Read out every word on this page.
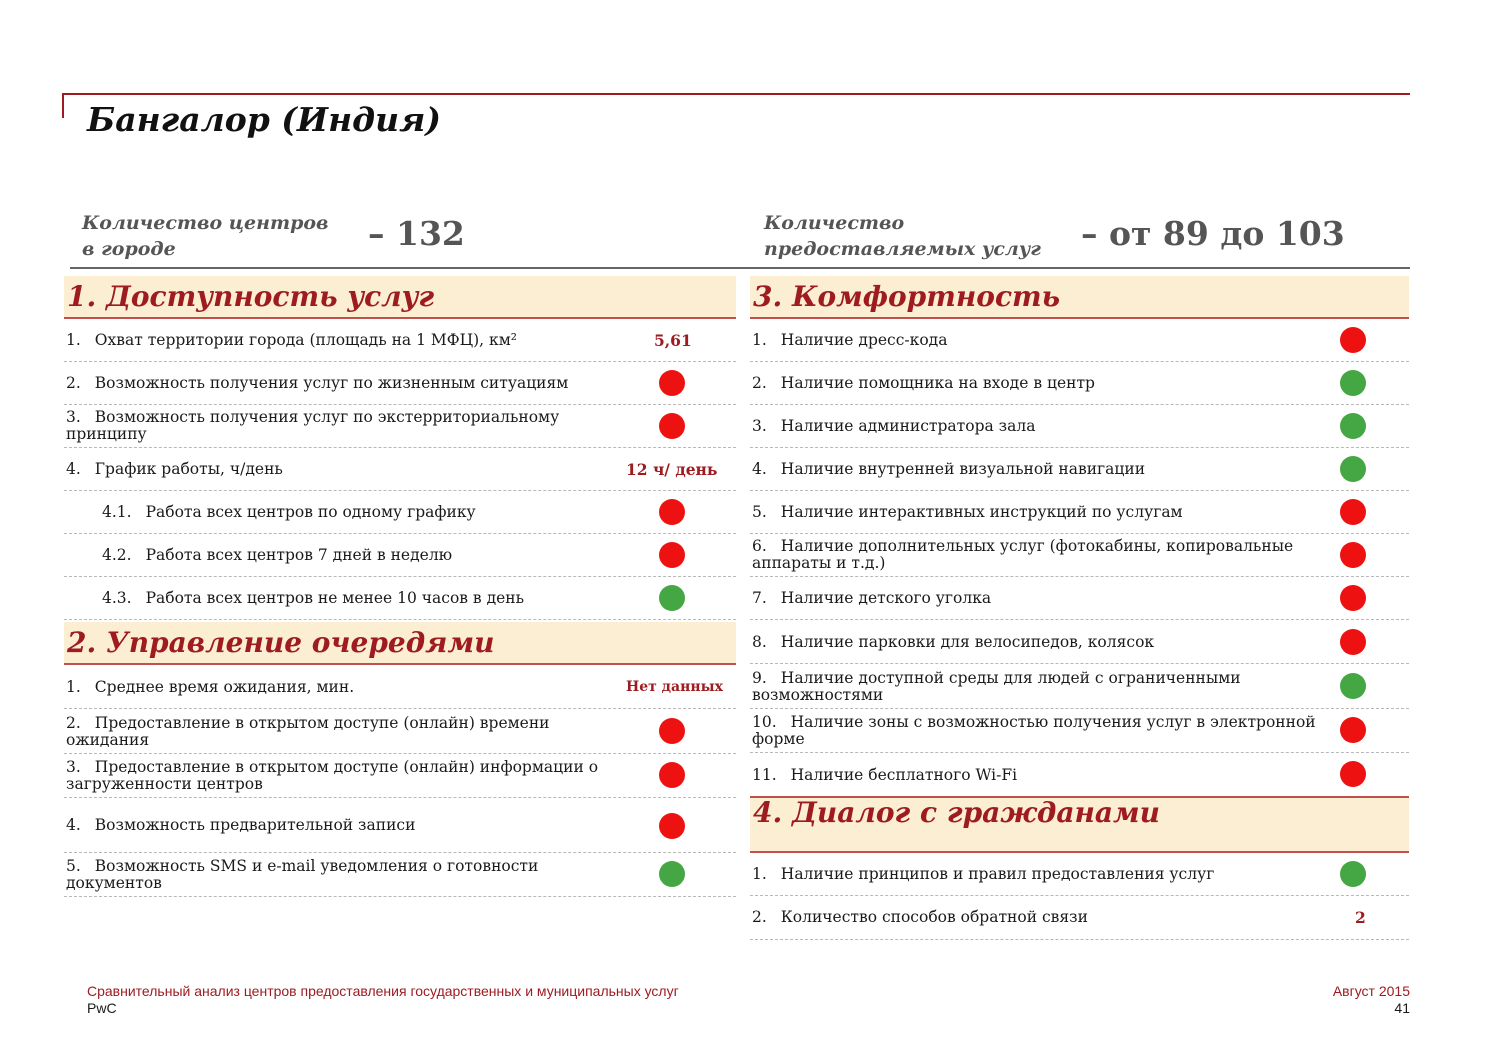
Бангалор (Индия)
Количество центров
в городе	– 132	Количество
предоставляемых услуг – от 89 до 103
1. Доступность услуг
1. Охват территории города (площадь на 1 МФЦ), км²	5,61
2. Возможность получения услуг по жизненным ситуациям
3. Возможность получения услуг по экстерриториальному принципу
4. График работы, ч/день	12 ч/ день
4.1. Работа всех центров по одному графику
4.2. Работа всех центров 7 дней в неделю
4.3. Работа всех центров не менее 10 часов в день
2. Управление очередями
1. Среднее время ожидания, мин.	Нет данных
2. Предоставление в открытом доступе (онлайн) времени ожидания
3. Предоставление в открытом доступе (онлайн) информации о загруженности центров
4. Возможность предварительной записи
5. Возможность SMS и e-mail уведомления о готовности документов
3. Комфортность
1. Наличие дресс-кода
2. Наличие помощника на входе в центр
3. Наличие администратора зала
4. Наличие внутренней визуальной навигации
5. Наличие интерактивных инструкций по услугам
6. Наличие дополнительных услуг (фотокабины, копировальные аппараты и т.д.)
7. Наличие детского уголка
8. Наличие парковки для велосипедов, колясок
9. Наличие доступной среды для людей с ограниченными возможностями
10. Наличие зоны с возможностью получения услуг в электронной форме
11. Наличие бесплатного Wi-Fi
4. Диалог с гражданами
1. Наличие принципов и правил предоставления услуг
2. Количество способов обратной связи	2
Сравнительный анализ центров предоставления государственных и муниципальных услуг
PwC
Август 2015
41
